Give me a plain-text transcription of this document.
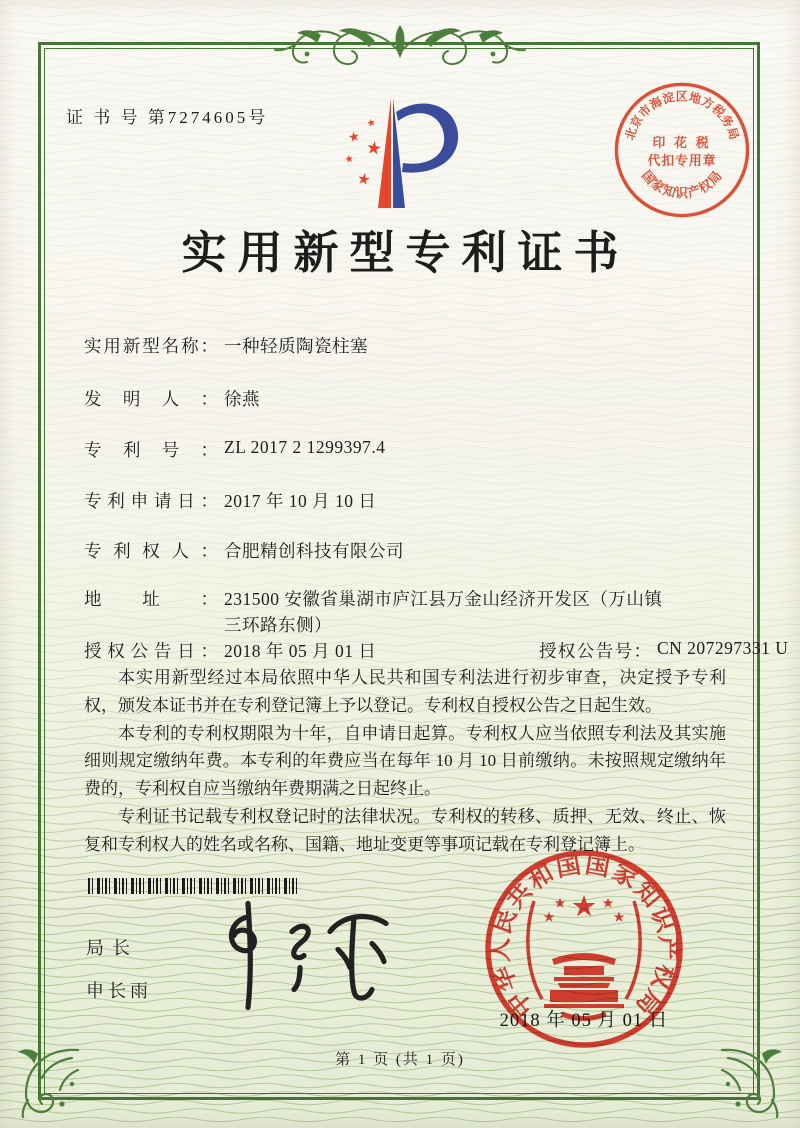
证 书 号 第7274605号
北京市海淀区地方税务局
国家知识产权局
印 花 税
代扣专用章
★
★ ★
★
★
实用新型专利证书
实用新型名称： 一种轻质陶瓷柱塞
发明人： 徐燕
专利号： ZL 2017 2 1299397.4
专利申请日： 2017 年 10 月 10 日
专利权人： 合肥精创科技有限公司
地址： 231500 安徽省巢湖市庐江县万金山经济开发区（万山镇
三环路东侧）
授权公告日： 2018 年 05 月 01 日	授权公告号： CN 207297331 U

本实用新型经过本局依照中华人民共和国专利法进行初步审查，决定授予专利权，颁发本证书并在专利登记簿上予以登记。专利权自授权公告之日起生效。

本专利的专利权期限为十年，自申请日起算。专利权人应当依照专利法及其实施细则规定缴纳年费。本专利的年费应当在每年 10 月 10 日前缴纳。未按照规定缴纳年费的，专利权自应当缴纳年费期满之日起终止。

专利证书记载专利权登记时的法律状况。专利权的转移、质押、无效、终止、恢复和专利权人的姓名或名称、国籍、地址变更等事项记载在专利登记簿上。

局长
申长雨	中华人民共和国国家知识产权局
★
★	★
★	★
2018 年 05 月 01 日
第 1 页 (共 1 页)
